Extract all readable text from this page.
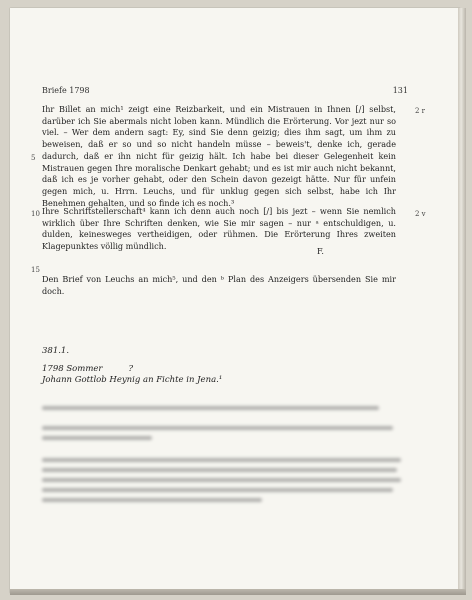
Briefe 1798	131

Ihr Billet an mich¹ zeigt eine Reizbarkeit, und ein Mistrauen in Ihnen [/] selbst, darüber ich Sie abermals nicht loben kann. Mündlich die Erörterung. Vor jezt nur so viel. – Wer dem andern sagt: Ey, sind Sie denn geizig; dies ihm sagt, um ihm zu beweisen, daß er so und so nicht handeln müsse – beweis't, denke ich, gerade dadurch, daß er ihn nicht für geizig hält. Ich habe bei dieser Gelegenheit kein Mistrauen gegen Ihre moralische Denkart gehabt; und es ist mir auch nicht bekannt, daß ich es je vorher gehabt, oder den Schein davon gezeigt hätte. Nur für unfein gegen mich, u. Hrrn. Leuchs, und für unklug gegen sich selbst, habe ich Ihr Benehmen gehalten, und so finde ich es noch.³

5
10
15
2 r
2 v

Ihre Schriftstellerschaft⁴ kann ich denn auch noch [/] bis jezt – wenn Sie nemlich wirklich über Ihre Schriften denken, wie Sie mir sagen – nur ᵃ entschuldigen, u. dulden, keinesweges vertheidigen, oder rühmen. Die Erörterung Ihres zweiten Klagepunktes völlig mündlich.	F.

Den Brief von Leuchs an mich⁵, und den ᵇ Plan des Anzeigers übersenden Sie mir doch.

381.1.
1798 Sommer	?
Johann Gottlob Heynig an Fichte in Jena.¹
